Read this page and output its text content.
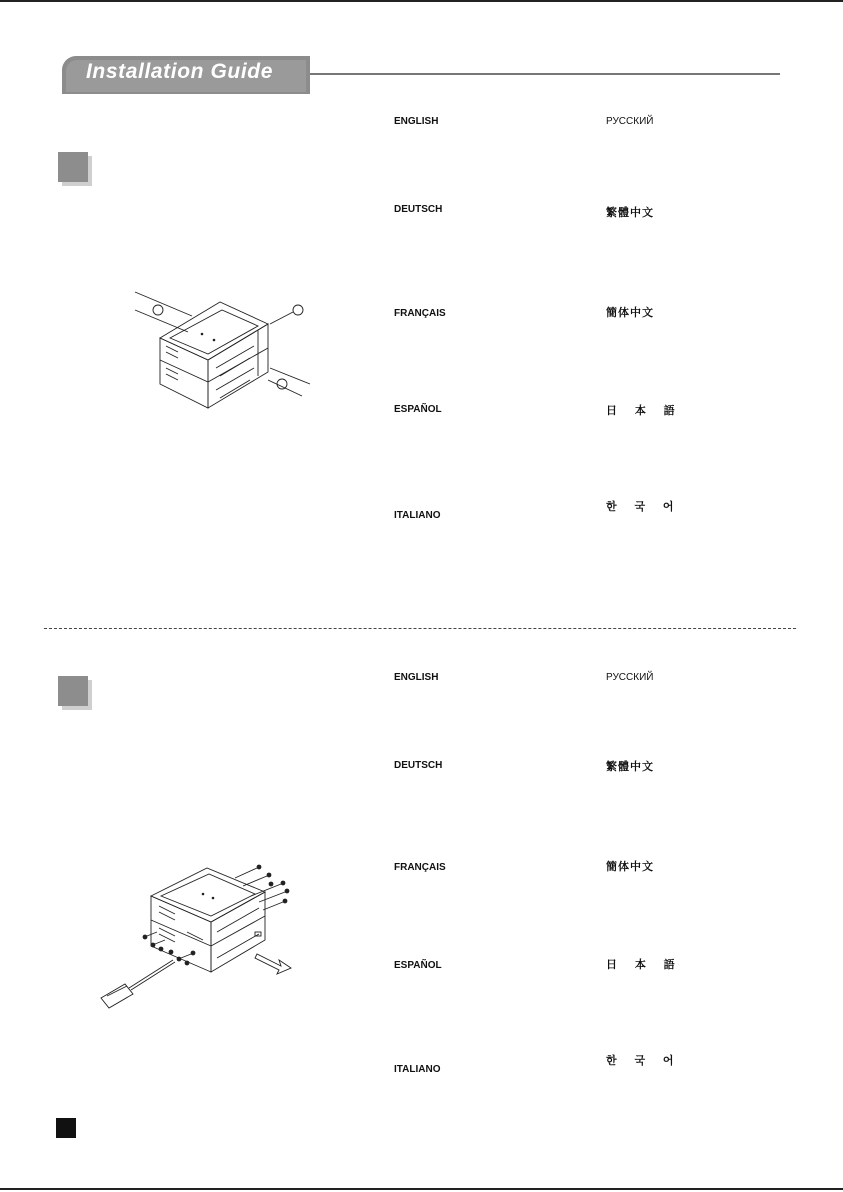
Installation Guide
ENGLISH
DEUTSCH
FRANÇAIS
ESPAÑOL
ITALIANO
РУССКИЙ
繁體中文
簡体中文
日 本 語
한 국 어
ENGLISH
DEUTSCH
FRANÇAIS
ESPAÑOL
ITALIANO
РУССКИЙ
繁體中文
簡体中文
日 本 語
한 국 어
